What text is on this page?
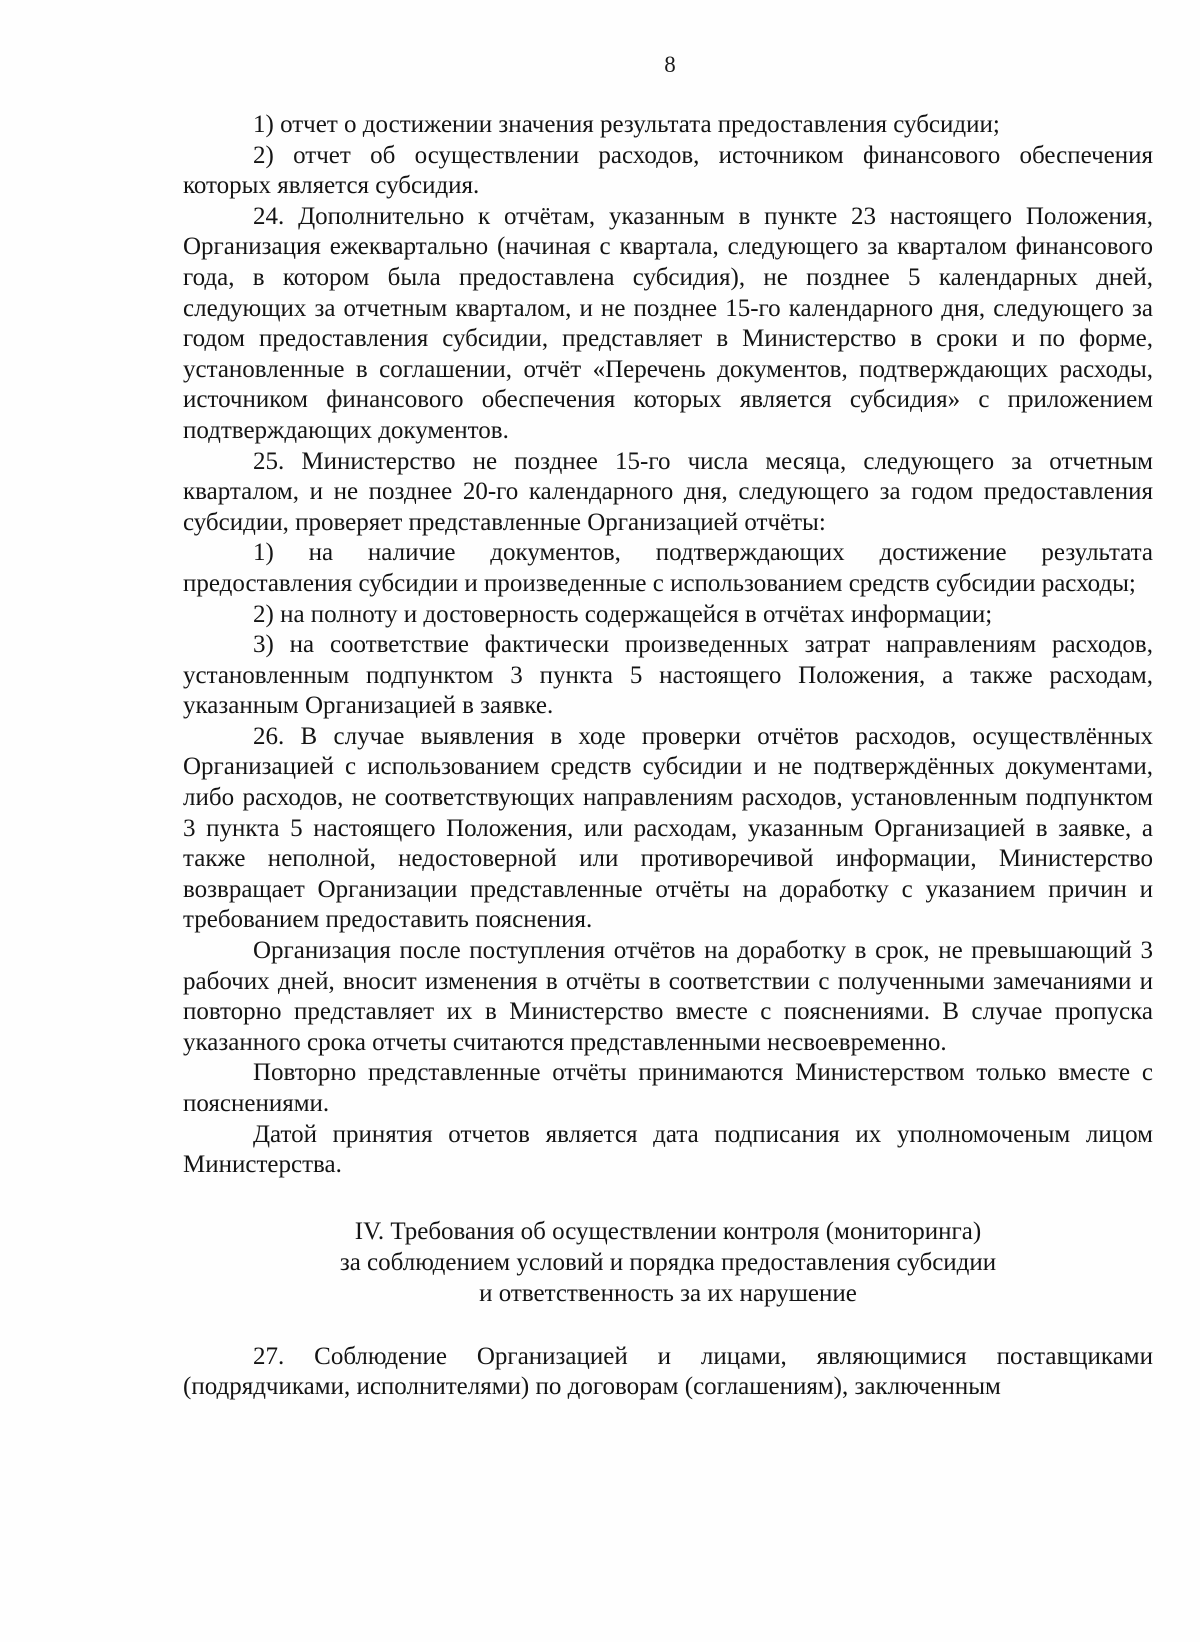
8

1) отчет о достижении значения результата предоставления субсидии;

2) отчет об осуществлении расходов, источником финансового обеспечения которых является субсидия.

24. Дополнительно к отчётам, указанным в пункте 23 настоящего Положения, Организация ежеквартально (начиная с квартала, следующего за кварталом финансового года, в котором была предоставлена субсидия), не позднее 5 календарных дней, следующих за отчетным кварталом, и не позднее 15-го календарного дня, следующего за годом предоставления субсидии, представляет в Министерство в сроки и по форме, установленные в соглашении, отчёт «Перечень документов, подтверждающих расходы, источником финансового обеспечения которых является субсидия» с приложением подтверждающих документов.

25. Министерство не позднее 15-го числа месяца, следующего за отчетным кварталом, и не позднее 20-го календарного дня, следующего за годом предоставления субсидии, проверяет представленные Организацией отчёты:

1) на наличие документов, подтверждающих достижение результата предоставления субсидии и произведенные с использованием средств субсидии расходы;

2) на полноту и достоверность содержащейся в отчётах информации;

3) на соответствие фактически произведенных затрат направлениям расходов, установленным подпунктом 3 пункта 5 настоящего Положения, а также расходам, указанным Организацией в заявке.

26. В случае выявления в ходе проверки отчётов расходов, осуществлённых Организацией с использованием средств субсидии и не подтверждённых документами, либо расходов, не соответствующих направлениям расходов, установленным подпунктом 3 пункта 5 настоящего Положения, или расходам, указанным Организацией в заявке, а также неполной, недостоверной или противоречивой информации, Министерство возвращает Организации представленные отчёты на доработку с указанием причин и требованием предоставить пояснения.

Организация после поступления отчётов на доработку в срок, не превышающий 3 рабочих дней, вносит изменения в отчёты в соответствии с полученными замечаниями и повторно представляет их в Министерство вместе с пояснениями. В случае пропуска указанного срока отчеты считаются представленными несвоевременно.

Повторно представленные отчёты принимаются Министерством только вместе с пояснениями.

Датой принятия отчетов является дата подписания их уполномоченым лицом Министерства.

IV. Требования об осуществлении контроля (мониторинга)
за соблюдением условий и порядка предоставления субсидии
и ответственность за их нарушение

27. Соблюдение Организацией и лицами, являющимися поставщиками (подрядчиками, исполнителями) по договорам (соглашениям), заключенным
